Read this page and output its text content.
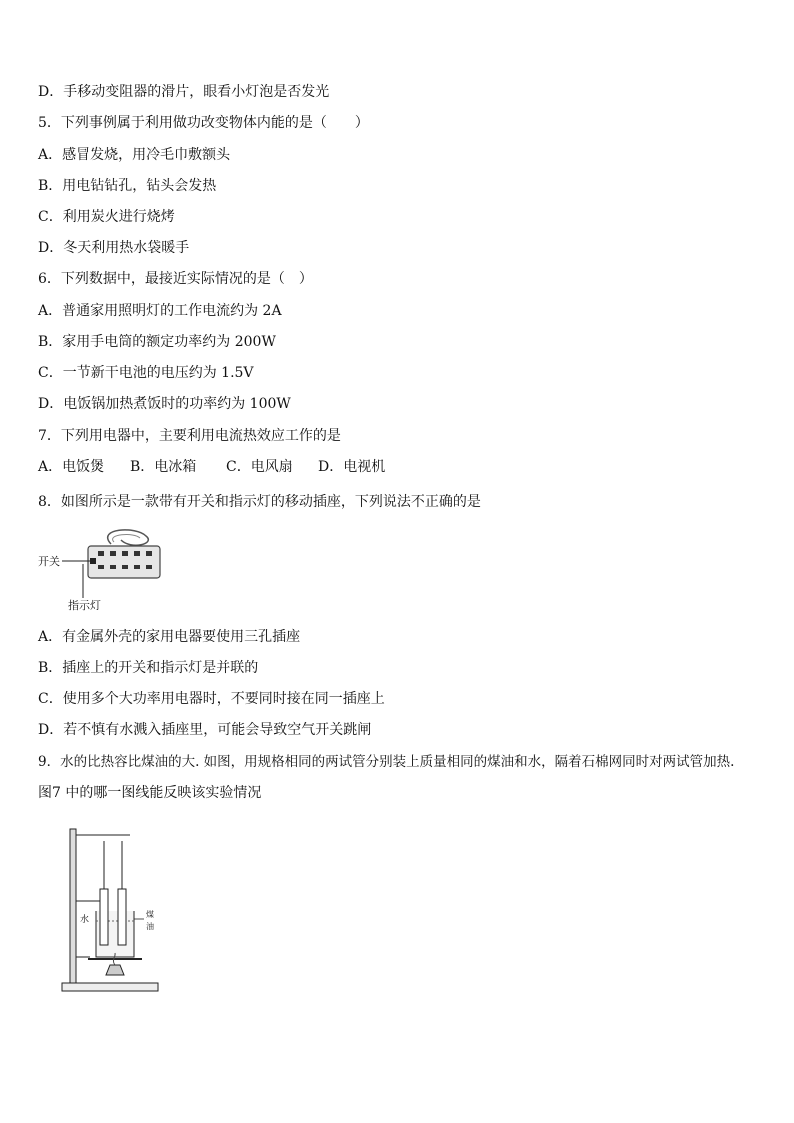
D．手移动变阻器的滑片，眼看小灯泡是否发光
5．下列事例属于利用做功改变物体内能的是（　　）
A．感冒发烧，用冷毛巾敷额头
B．用电钻钻孔，钻头会发热
C．利用炭火进行烧烤
D．冬天利用热水袋暖手
6．下列数据中，最接近实际情况的是（　）
A．普通家用照明灯的工作电流约为 2A
B．家用手电筒的额定功率约为 200W
C．一节新干电池的电压约为 1.5V
D．电饭锅加热煮饭时的功率约为 100W
7．下列用电器中，主要利用电流热效应工作的是
A．电饭煲 B．电冰箱 C．电风扇 D．电视机
8．如图所示是一款带有开关和指示灯的移动插座，下列说法不正确的是
开关
指示灯
A．有金属外壳的家用电器要使用三孔插座
B．插座上的开关和指示灯是并联的
C．使用多个大功率用电器时，不要同时接在同一插座上
D．若不慎有水溅入插座里，可能会导致空气开关跳闸
9．水的比热容比煤油的大. 如图，用规格相同的两试管分别装上质量相同的煤油和水，隔着石棉网同时对两试管加热.
图7 中的哪一图线能反映该实验情况
水
煤
油
